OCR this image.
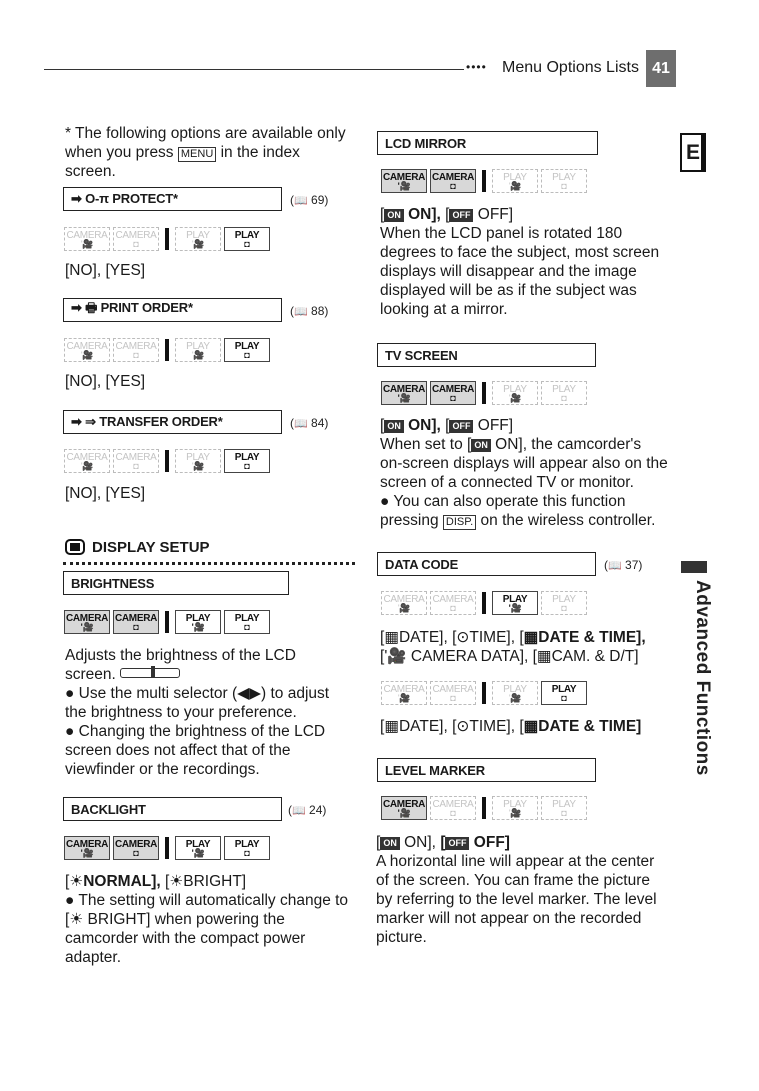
•••• Menu Options Lists 41
E
Advanced Functions
* The following options are available only
when you press MENU in the index
screen.
➡ O‑π PROTECT*	(📖 69)
CAMERA
'🎥
CAMERA
◘
PLAY
'🎥
PLAY
◘
[NO], [YES]
➡ 🖶 PRINT ORDER*	(📖 88)
CAMERA
'🎥
CAMERA
◘
PLAY
'🎥
PLAY
◘
[NO], [YES]
➡ ⇒ TRANSFER ORDER*	(📖 84)
CAMERA
'🎥
CAMERA
◘
PLAY
'🎥
PLAY
◘
[NO], [YES]
DISPLAY SETUP
BRIGHTNESS
CAMERA
'🎥
CAMERA
◘
PLAY
'🎥
PLAY
◘
Adjusts the brightness of the LCD
screen.
● Use the multi selector (◀▶) to adjust
the brightness to your preference.
● Changing the brightness of the LCD
screen does not affect that of the
viewfinder or the recordings.
BACKLIGHT	(📖 24)
CAMERA
'🎥
CAMERA
◘
PLAY
'🎥
PLAY
◘
[☀NORMAL], [☀BRIGHT]
● The setting will automatically change to
[☀ BRIGHT] when powering the
camcorder with the compact power
adapter.
LCD MIRROR
CAMERA
'🎥
CAMERA
◘
PLAY
'🎥
PLAY
◘
[ ON ON], [ OFF OFF]
When the LCD panel is rotated 180
degrees to face the subject, most screen
displays will disappear and the image
displayed will be as if the subject was
looking at a mirror.
TV SCREEN
CAMERA
'🎥
CAMERA
◘
PLAY
'🎥
PLAY
◘
[ ON ON], [ OFF OFF]
When set to [ ON ON], the camcorder's
on-screen displays will appear also on the
screen of a connected TV or monitor.
● You can also operate this function
pressing DISP. on the wireless controller.
DATA CODE	(📖 37)
CAMERA
'🎥
CAMERA
◘
PLAY
'🎥
PLAY
◘
[▦DATE], [⊙TIME], [▦DATE & TIME],
['🎥 CAMERA DATA], [▦CAM. & D/T]
CAMERA
'🎥
CAMERA
◘
PLAY
'🎥
PLAY
◘
[▦DATE], [⊙TIME], [▦DATE & TIME]
LEVEL MARKER
CAMERA
'🎥
CAMERA
◘
PLAY
'🎥
PLAY
◘
[ ON ON], [ OFF OFF]
A horizontal line will appear at the center
of the screen. You can frame the picture
by referring to the level marker. The level
marker will not appear on the recorded
picture.
